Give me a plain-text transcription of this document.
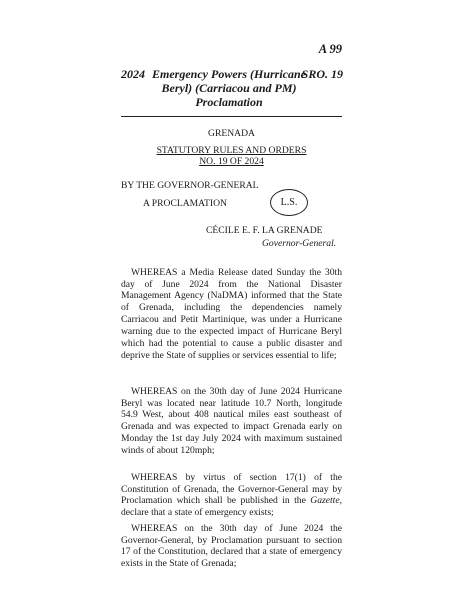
A 99
2024 Emergency Powers (Hurricane Beryl) (Carriacou and PM) Proclamation
SRO. 19
GRENADA
STATUTORY RULES AND ORDERS
NO. 19 OF 2024
BY THE GOVERNOR-GENERAL
A PROCLAMATION	L.S.
CÉCILE E. F. LA GRENADE
Governor-General.

WHEREAS a Media Release dated Sunday the 30th day of June 2024 from the National Disaster Management Agency (NaDMA) informed that the State of Grenada, including the dependencies namely Carriacou and Petit Martinique, was under a Hurricane warning due to the expected impact of Hurricane Beryl which had the potential to cause a public disaster and deprive the State of supplies or services essential to life;

WHEREAS on the 30th day of June 2024 Hurricane Beryl was located near latitude 10.7 North, longitude 54.9 West, about 408 nautical miles east southeast of Grenada and was expected to impact Grenada early on Monday the 1st day July 2024 with maximum sustained winds of about 120mph;

WHEREAS by virtus of section 17(1) of the Constitution of Grenada, the Governor-General may by Proclamation which shall be published in the Gazette, declare that a state of emergency exists;

WHEREAS on the 30th day of June 2024 the Governor-General, by Proclamation pursuant to section 17 of the Constitution, declared that a state of emergency exists in the State of Grenada;
